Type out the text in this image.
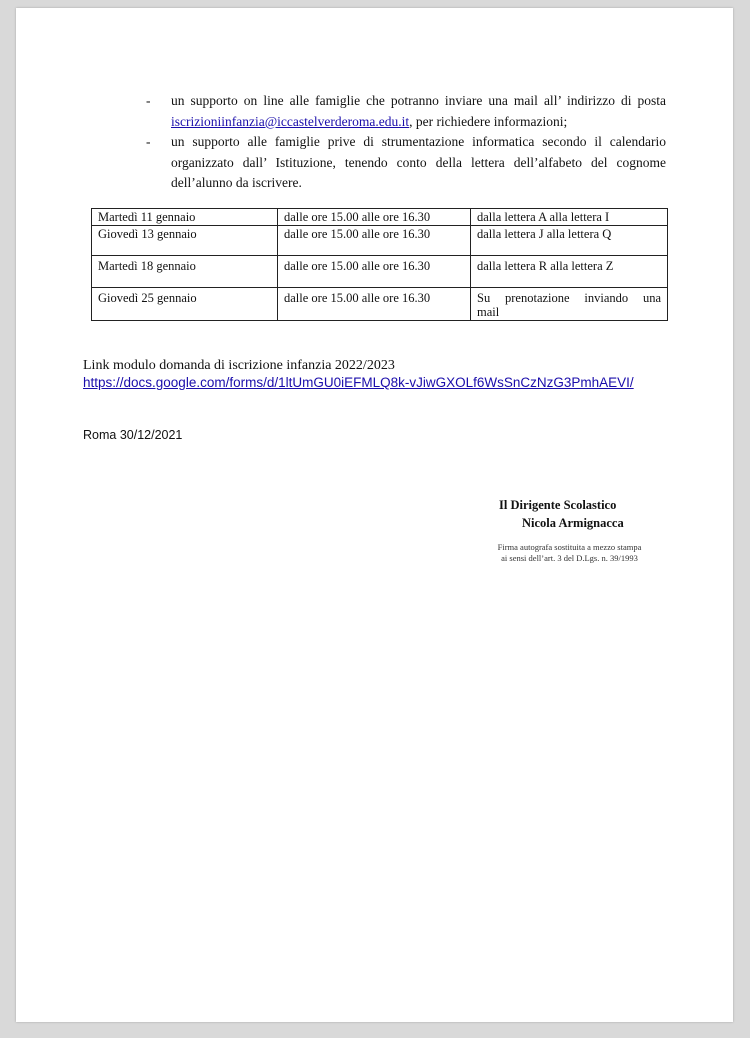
- un supporto on line alle famiglie che potranno inviare una mail all’ indirizzo di posta iscrizioniinfanzia@iccastelverderoma.edu.it, per richiedere informazioni;
- un supporto alle famiglie prive di strumentazione informatica secondo il calendario organizzato dall’ Istituzione, tenendo conto della lettera dell’alfabeto del cognome dell’alunno da iscrivere.
Martedì 11 gennaio	dalle ore 15.00 alle ore 16.30	dalla lettera A alla lettera I
Giovedì 13 gennaio	dalle ore 15.00 alle ore 16.30	dalla lettera J alla lettera Q
Martedì 18 gennaio	dalle ore 15.00 alle ore 16.30	dalla lettera R alla lettera Z
Giovedì 25 gennaio	dalle ore 15.00 alle ore 16.30	Su prenotazione inviando una
mail
Link modulo domanda di iscrizione infanzia 2022/2023
https://docs.google.com/forms/d/1ltUmGU0iEFMLQ8k-vJiwGXOLf6WsSnCzNzG3PmhAEVI/
Roma 30/12/2021
Il Dirigente Scolastico
Nicola Armignacca
Firma autografa sostituita a mezzo stampa
ai sensi dell’art. 3 del D.Lgs. n. 39/1993
